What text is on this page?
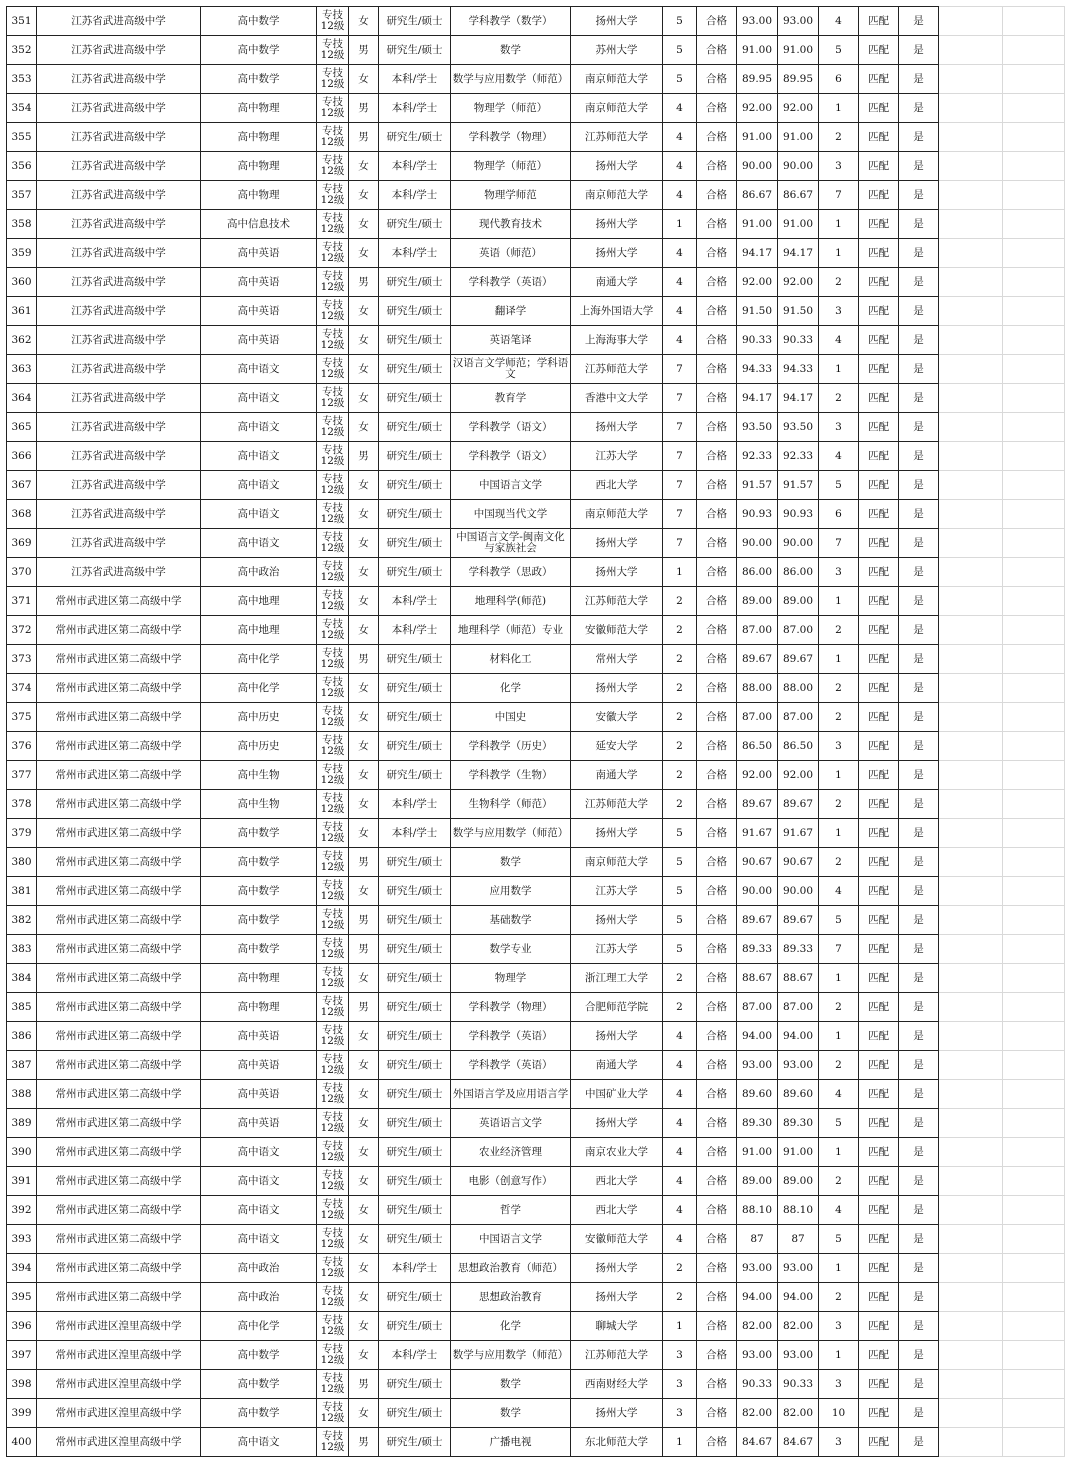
351	江苏省武进高级中学	高中数学	专技12级	女	研究生/硕士	学科教学（数学）	扬州大学	5	合格	93.00	93.00	4	匹配	是		
352	江苏省武进高级中学	高中数学	专技12级	男	研究生/硕士	数学	苏州大学	5	合格	91.00	91.00	5	匹配	是		
353	江苏省武进高级中学	高中数学	专技12级	女	本科/学士	数学与应用数学（师范）	南京师范大学	5	合格	89.95	89.95	6	匹配	是		
354	江苏省武进高级中学	高中物理	专技12级	男	本科/学士	物理学（师范）	南京师范大学	4	合格	92.00	92.00	1	匹配	是		
355	江苏省武进高级中学	高中物理	专技12级	男	研究生/硕士	学科教学（物理）	江苏师范大学	4	合格	91.00	91.00	2	匹配	是		
356	江苏省武进高级中学	高中物理	专技12级	女	本科/学士	物理学（师范）	扬州大学	4	合格	90.00	90.00	3	匹配	是		
357	江苏省武进高级中学	高中物理	专技12级	女	本科/学士	物理学师范	南京师范大学	4	合格	86.67	86.67	7	匹配	是		
358	江苏省武进高级中学	高中信息技术	专技12级	女	研究生/硕士	现代教育技术	扬州大学	1	合格	91.00	91.00	1	匹配	是		
359	江苏省武进高级中学	高中英语	专技12级	女	本科/学士	英语（师范）	扬州大学	4	合格	94.17	94.17	1	匹配	是		
360	江苏省武进高级中学	高中英语	专技12级	男	研究生/硕士	学科教学（英语）	南通大学	4	合格	92.00	92.00	2	匹配	是		
361	江苏省武进高级中学	高中英语	专技12级	女	研究生/硕士	翻译学	上海外国语大学	4	合格	91.50	91.50	3	匹配	是		
362	江苏省武进高级中学	高中英语	专技12级	女	研究生/硕士	英语笔译	上海海事大学	4	合格	90.33	90.33	4	匹配	是		
363	江苏省武进高级中学	高中语文	专技12级	女	研究生/硕士	汉语言文学师范；学科语文	江苏师范大学	7	合格	94.33	94.33	1	匹配	是		
364	江苏省武进高级中学	高中语文	专技12级	女	研究生/硕士	教育学	香港中文大学	7	合格	94.17	94.17	2	匹配	是		
365	江苏省武进高级中学	高中语文	专技12级	女	研究生/硕士	学科教学（语文）	扬州大学	7	合格	93.50	93.50	3	匹配	是		
366	江苏省武进高级中学	高中语文	专技12级	男	研究生/硕士	学科教学（语文）	江苏大学	7	合格	92.33	92.33	4	匹配	是		
367	江苏省武进高级中学	高中语文	专技12级	女	研究生/硕士	中国语言文学	西北大学	7	合格	91.57	91.57	5	匹配	是		
368	江苏省武进高级中学	高中语文	专技12级	女	研究生/硕士	中国现当代文学	南京师范大学	7	合格	90.93	90.93	6	匹配	是		
369	江苏省武进高级中学	高中语文	专技12级	女	研究生/硕士	中国语言文学-闽南文化与家族社会	扬州大学	7	合格	90.00	90.00	7	匹配	是		
370	江苏省武进高级中学	高中政治	专技12级	女	研究生/硕士	学科教学（思政）	扬州大学	1	合格	86.00	86.00	3	匹配	是		
371	常州市武进区第二高级中学	高中地理	专技12级	女	本科/学士	地理科学(师范)	江苏师范大学	2	合格	89.00	89.00	1	匹配	是		
372	常州市武进区第二高级中学	高中地理	专技12级	女	本科/学士	地理科学（师范）专业	安徽师范大学	2	合格	87.00	87.00	2	匹配	是		
373	常州市武进区第二高级中学	高中化学	专技12级	男	研究生/硕士	材料化工	常州大学	2	合格	89.67	89.67	1	匹配	是		
374	常州市武进区第二高级中学	高中化学	专技12级	女	研究生/硕士	化学	扬州大学	2	合格	88.00	88.00	2	匹配	是		
375	常州市武进区第二高级中学	高中历史	专技12级	女	研究生/硕士	中国史	安徽大学	2	合格	87.00	87.00	2	匹配	是		
376	常州市武进区第二高级中学	高中历史	专技12级	女	研究生/硕士	学科教学（历史）	延安大学	2	合格	86.50	86.50	3	匹配	是		
377	常州市武进区第二高级中学	高中生物	专技12级	女	研究生/硕士	学科教学（生物）	南通大学	2	合格	92.00	92.00	1	匹配	是		
378	常州市武进区第二高级中学	高中生物	专技12级	女	本科/学士	生物科学（师范）	江苏师范大学	2	合格	89.67	89.67	2	匹配	是		
379	常州市武进区第二高级中学	高中数学	专技12级	女	本科/学士	数学与应用数学（师范）	扬州大学	5	合格	91.67	91.67	1	匹配	是		
380	常州市武进区第二高级中学	高中数学	专技12级	男	研究生/硕士	数学	南京师范大学	5	合格	90.67	90.67	2	匹配	是		
381	常州市武进区第二高级中学	高中数学	专技12级	女	研究生/硕士	应用数学	江苏大学	5	合格	90.00	90.00	4	匹配	是		
382	常州市武进区第二高级中学	高中数学	专技12级	男	研究生/硕士	基础数学	扬州大学	5	合格	89.67	89.67	5	匹配	是		
383	常州市武进区第二高级中学	高中数学	专技12级	男	研究生/硕士	数学专业	江苏大学	5	合格	89.33	89.33	7	匹配	是		
384	常州市武进区第二高级中学	高中物理	专技12级	女	研究生/硕士	物理学	浙江理工大学	2	合格	88.67	88.67	1	匹配	是		
385	常州市武进区第二高级中学	高中物理	专技12级	男	研究生/硕士	学科教学（物理）	合肥师范学院	2	合格	87.00	87.00	2	匹配	是		
386	常州市武进区第二高级中学	高中英语	专技12级	女	研究生/硕士	学科教学（英语）	扬州大学	4	合格	94.00	94.00	1	匹配	是		
387	常州市武进区第二高级中学	高中英语	专技12级	女	研究生/硕士	学科教学（英语）	南通大学	4	合格	93.00	93.00	2	匹配	是		
388	常州市武进区第二高级中学	高中英语	专技12级	女	研究生/硕士	外国语言学及应用语言学	中国矿业大学	4	合格	89.60	89.60	4	匹配	是		
389	常州市武进区第二高级中学	高中英语	专技12级	女	研究生/硕士	英语语言文学	扬州大学	4	合格	89.30	89.30	5	匹配	是		
390	常州市武进区第二高级中学	高中语文	专技12级	女	研究生/硕士	农业经济管理	南京农业大学	4	合格	91.00	91.00	1	匹配	是		
391	常州市武进区第二高级中学	高中语文	专技12级	女	研究生/硕士	电影（创意写作）	西北大学	4	合格	89.00	89.00	2	匹配	是		
392	常州市武进区第二高级中学	高中语文	专技12级	女	研究生/硕士	哲学	西北大学	4	合格	88.10	88.10	4	匹配	是		
393	常州市武进区第二高级中学	高中语文	专技12级	女	研究生/硕士	中国语言文学	安徽师范大学	4	合格	87	87	5	匹配	是		
394	常州市武进区第二高级中学	高中政治	专技12级	女	本科/学士	思想政治教育（师范）	扬州大学	2	合格	93.00	93.00	1	匹配	是		
395	常州市武进区第二高级中学	高中政治	专技12级	女	研究生/硕士	思想政治教育	扬州大学	2	合格	94.00	94.00	2	匹配	是		
396	常州市武进区湟里高级中学	高中化学	专技12级	女	研究生/硕士	化学	聊城大学	1	合格	82.00	82.00	3	匹配	是		
397	常州市武进区湟里高级中学	高中数学	专技12级	女	本科/学士	数学与应用数学（师范）	江苏师范大学	3	合格	93.00	93.00	1	匹配	是		
398	常州市武进区湟里高级中学	高中数学	专技12级	男	研究生/硕士	数学	西南财经大学	3	合格	90.33	90.33	3	匹配	是		
399	常州市武进区湟里高级中学	高中数学	专技12级	女	研究生/硕士	数学	扬州大学	3	合格	82.00	82.00	10	匹配	是		
400	常州市武进区湟里高级中学	高中语文	专技12级	男	研究生/硕士	广播电视	东北师范大学	1	合格	84.67	84.67	3	匹配	是		
